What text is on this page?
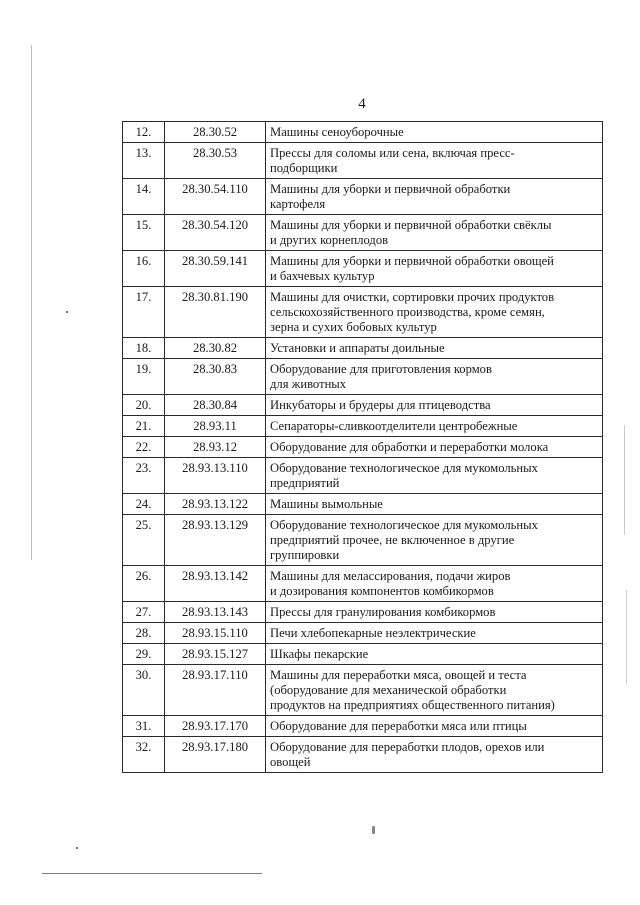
4
12.	28.30.52	Машины сеноуборочные
13.	28.30.53	Прессы для соломы или сена, включая пресс-
подборщики
14.	28.30.54.110	Машины для уборки и первичной обработки
картофеля
15.	28.30.54.120	Машины для уборки и первичной обработки свёклы
и других корнеплодов
16.	28.30.59.141	Машины для уборки и первичной обработки овощей
и бахчевых культур
17.	28.30.81.190	Машины для очистки, сортировки прочих продуктов
сельскохозяйственного производства, кроме семян,
зерна и сухих бобовых культур
18.	28.30.82	Установки и аппараты доильные
19.	28.30.83	Оборудование для приготовления кормов
для животных
20.	28.30.84	Инкубаторы и брудеры для птицеводства
21.	28.93.11	Сепараторы-сливкоотделители центробежные
22.	28.93.12	Оборудование для обработки и переработки молока
23.	28.93.13.110	Оборудование технологическое для мукомольных
предприятий
24.	28.93.13.122	Машины вымольные
25.	28.93.13.129	Оборудование технологическое для мукомольных
предприятий прочее, не включенное в другие
группировки
26.	28.93.13.142	Машины для мелассирования, подачи жиров
и дозирования компонентов комбикормов
27.	28.93.13.143	Прессы для гранулирования комбикормов
28.	28.93.15.110	Печи хлебопекарные неэлектрические
29.	28.93.15.127	Шкафы пекарские
30.	28.93.17.110	Машины для переработки мяса, овощей и теста
(оборудование для механической обработки
продуктов на предприятиях общественного питания)
31.	28.93.17.170	Оборудование для переработки мяса или птицы
32.	28.93.17.180	Оборудование для переработки плодов, орехов или
овощей
